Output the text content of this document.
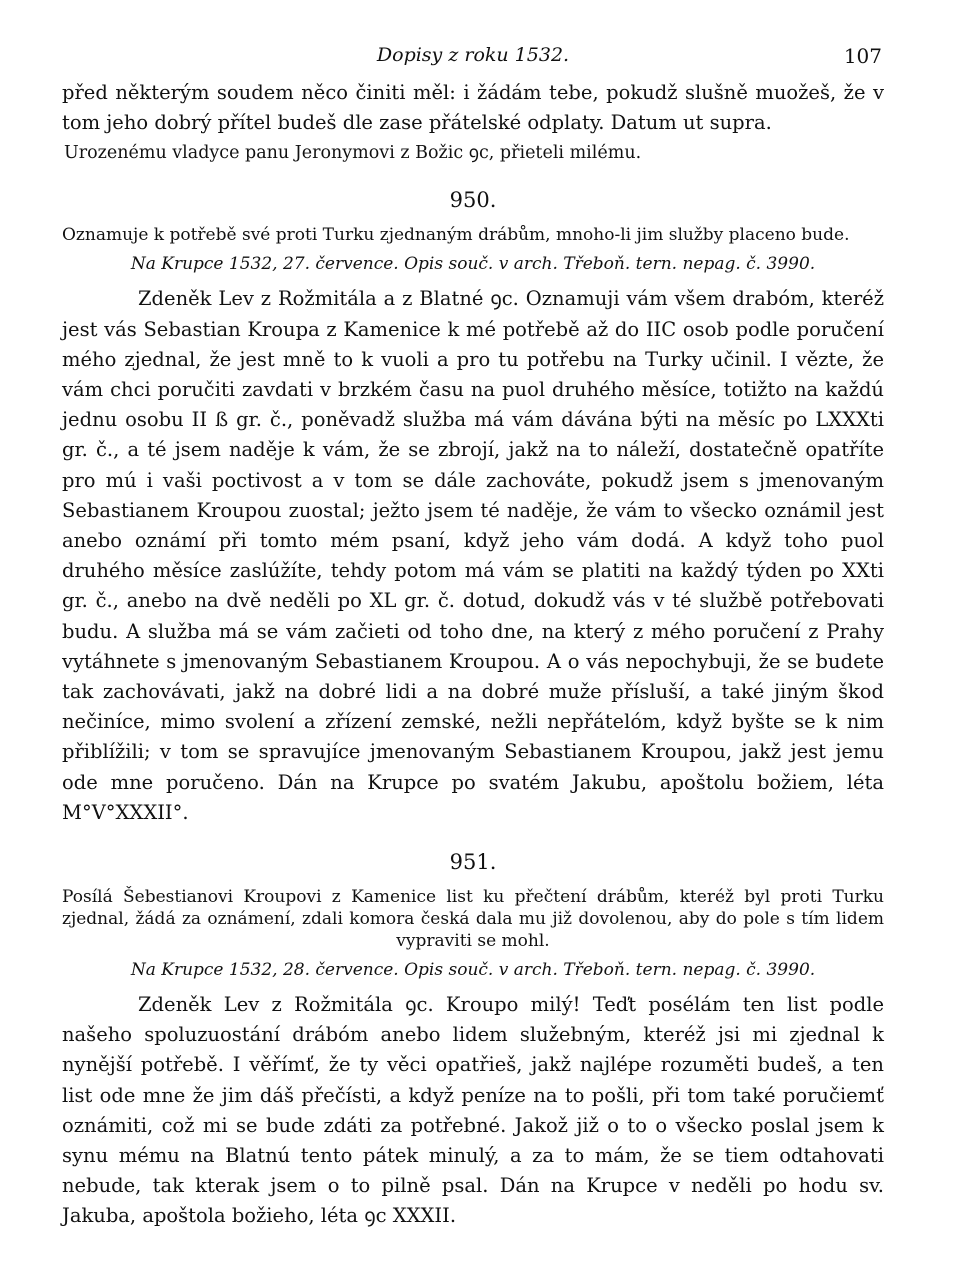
Dopisy z roku 1532.	107

před některým soudem něco činiti měl: i žádám tebe, pokudž slušně muožeš, že v tom jeho dobrý přítel budeš dle zase přátelské odplaty. Datum ut supra.

Urozenému vladyce panu Jeronymovi z Božic ꝯc, přieteli milému.

950.

Oznamuje k potřebě své proti Turku zjednaným drábům, mnoho-li jim služby placeno bude.

Na Krupce 1532, 27. července. Opis souč. v arch. Třeboň. tern. nepag. č. 3990.

Zdeněk Lev z Rožmitála a z Blatné ꝯc. Oznamuji vám všem drabóm, kteréž jest vás Sebastian Kroupa z Kamenice k mé potřebě až do IIC osob podle poručení mého zjednal, že jest mně to k vuoli a pro tu potřebu na Turky učinil. I vězte, že vám chci poručiti zavdati v brzkém času na puol druhého měsíce, totižto na každú jednu osobu II ß gr. č., poněvadž služba má vám dávána býti na měsíc po LXXXti gr. č., a té jsem naděje k vám, že se zbrojí, jakž na to náleží, dostatečně opatříte pro mú i vaši poctivost a v tom se dále zachováte, pokudž jsem s jmenovaným Sebastianem Kroupou zuostal; ježto jsem té naděje, že vám to všecko oznámil jest anebo oznámí při tomto mém psaní, když jeho vám dodá. A když toho puol druhého měsíce zaslúžíte, tehdy potom má vám se platiti na každý týden po XXti gr. č., anebo na dvě neděli po XL gr. č. dotud, dokudž vás v té službě potřebovati budu. A služba má se vám začieti od toho dne, na který z mého poručení z Prahy vytáhnete s jmenovaným Sebastianem Kroupou. A o vás nepochybuji, že se budete tak zachovávati, jakž na dobré lidi a na dobré muže přísluší, a také jiným škod nečiníce, mimo svolení a zřízení zemské, nežli nepřátelóm, když byšte se k nim přiblížili; v tom se spravujíce jmenovaným Sebastianem Kroupou, jakž jest jemu ode mne poručeno. Dán na Krupce po svatém Jakubu, apoštolu božiem, léta M°V°XXXII°.

951.

Posílá Šebestianovi Kroupovi z Kamenice list ku přečtení drábům, kteréž byl proti Turku zjednal, žádá za oznámení, zdali komora česká dala mu již dovolenou, aby do pole s tím lidem vypraviti se mohl.

Na Krupce 1532, 28. července. Opis souč. v arch. Třeboň. tern. nepag. č. 3990.

Zdeněk Lev z Rožmitála ꝯc. Kroupo milý! Teďt posélám ten list podle našeho spoluzuostání drábóm anebo lidem služebným, kteréž jsi mi zjednal k nynější potřebě. I věřímť, že ty věci opatřieš, jakž najlépe rozuměti budeš, a ten list ode mne že jim dáš přečísti, a když peníze na to pošli, při tom také poručiemť oznámiti, což mi se bude zdáti za potřebné. Jakož již o to o všecko poslal jsem k synu mému na Blatnú tento pátek minulý, a za to mám, že se tiem odtahovati nebude, tak kterak jsem o to pilně psal. Dán na Krupce v neděli po hodu sv. Jakuba, apoštola božieho, léta ꝯc XXXII.
